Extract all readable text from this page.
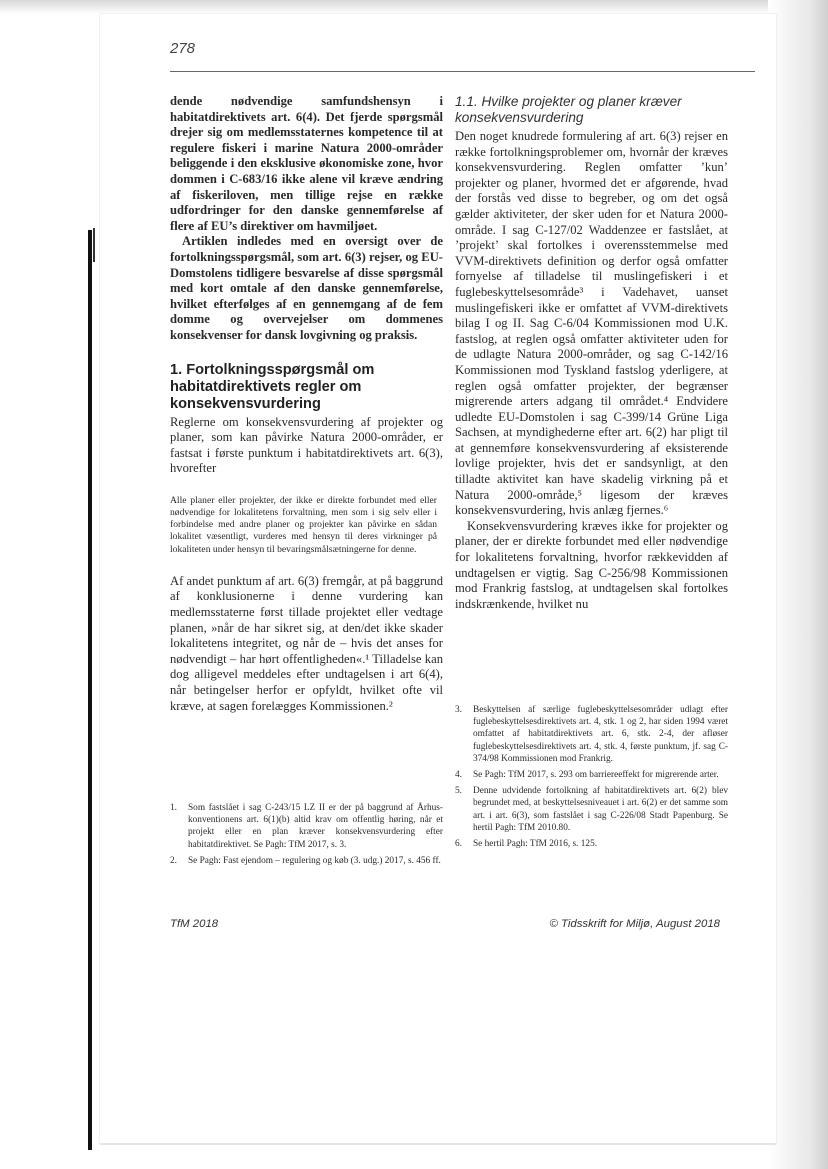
278

dende nødvendige samfundshensyn i habitatdirektivets art. 6(4). Det fjerde spørgsmål drejer sig om medlemsstaternes kompetence til at regulere fiskeri i marine Natura 2000-områder beliggende i den eksklusive økonomiske zone, hvor dommen i C-683/16 ikke alene vil kræve ændring af fiskeriloven, men tillige rejse en række udfordringer for den danske gennemførelse af flere af EU’s direktiver om havmiljøet.

Artiklen indledes med en oversigt over de fortolkningsspørgsmål, som art. 6(3) rejser, og EU-Domstolens tidligere besvarelse af disse spørgsmål med kort omtale af den danske gennemførelse, hvilket efterfølges af en gennemgang af de fem domme og overvejelser om dommenes konsekvenser for dansk lovgivning og praksis.

1. Fortolkningsspørgsmål om habitatdirektivets regler om konsekvensvurdering

Reglerne om konsekvensvurdering af projekter og planer, som kan påvirke Natura 2000-områder, er fastsat i første punktum i habitatdirektivets art. 6(3), hvorefter

Alle planer eller projekter, der ikke er direkte forbundet med eller nødvendige for lokalitetens forvaltning, men som i sig selv eller i forbindelse med andre planer og projekter kan påvirke en sådan lokalitet væsentligt, vurderes med hensyn til deres virkninger på lokaliteten under hensyn til bevaringsmålsætningerne for denne.

Af andet punktum af art. 6(3) fremgår, at på baggrund af konklusionerne i denne vurdering kan medlemsstaterne først tillade projektet eller vedtage planen, »når de har sikret sig, at den/det ikke skader lokalitetens integritet, og når de – hvis det anses for nødvendigt – har hørt offentligheden«.¹ Tilladelse kan dog alligevel meddeles efter undtagelsen i art 6(4), når betingelser herfor er opfyldt, hvilket ofte vil kræve, at sagen forelægges Kommissionen.²

1.1. Hvilke projekter og planer kræver konsekvensvurdering

Den noget knudrede formulering af art. 6(3) rejser en række fortolkningsproblemer om, hvornår der kræves konsekvensvurdering. Reglen omfatter ’kun’ projekter og planer, hvormed det er afgørende, hvad der forstås ved disse to begreber, og om det også gælder aktiviteter, der sker uden for et Natura 2000-område. I sag C-127/02 Waddenzee er fastslået, at ’projekt’ skal fortolkes i overensstemmelse med VVM-direktivets definition og derfor også omfatter fornyelse af tilladelse til muslingefiskeri i et fuglebeskyttelsesområde³ i Vadehavet, uanset muslingefiskeri ikke er omfattet af VVM-direktivets bilag I og II. Sag C-6/04 Kommissionen mod U.K. fastslog, at reglen også omfatter aktiviteter uden for de udlagte Natura 2000-områder, og sag C-142/16 Kommissionen mod Tyskland fastslog yderligere, at reglen også omfatter projekter, der begrænser migrerende arters adgang til området.⁴ Endvidere udledte EU-Domstolen i sag C-399/14 Grüne Liga Sachsen, at myndighederne efter art. 6(2) har pligt til at gennemføre konsekvensvurdering af eksisterende lovlige projekter, hvis det er sandsynligt, at den tilladte aktivitet kan have skadelig virkning på et Natura 2000-område,⁵ ligesom der kræves konsekvensvurdering, hvis anlæg fjernes.⁶

Konsekvensvurdering kræves ikke for projekter og planer, der er direkte forbundet med eller nødvendige for lokalitetens forvaltning, hvorfor rækkevidden af undtagelsen er vigtig. Sag C-256/98 Kommissionen mod Frankrig fastslog, at undtagelsen skal fortolkes indskrænkende, hvilket nu

1.	Som fastslået i sag C-243/15 LZ II er der på baggrund af Århus-konventionens art. 6(1)(b) altid krav om offentlig høring, når et projekt eller en plan kræver konsekvensvurdering efter habitatdirektivet. Se Pagh: TfM 2017, s. 3.
2.	Se Pagh: Fast ejendom – regulering og køb (3. udg.) 2017, s. 456 ff.
3.	Beskyttelsen af særlige fuglebeskyttelsesområder udlagt efter fuglebeskyttelsesdirektivets art. 4, stk. 1 og 2, har siden 1994 været omfattet af habitatdirektivets art. 6, stk. 2-4, der afløser fuglebeskyttelsesdirektivets art. 4, stk. 4, første punktum, jf. sag C-374/98 Kommissionen mod Frankrig.
4.	Se Pagh: TfM 2017, s. 293 om barriereeffekt for migrerende arter.
5.	Denne udvidende fortolkning af habitatdirektivets art. 6(2) blev begrundet med, at beskyttelsesniveauet i art. 6(2) er det samme som art. i art. 6(3), som fastslået i sag C-226/08 Stadt Papenburg. Se hertil Pagh: TfM 2010.80.
6.	Se hertil Pagh: TfM 2016, s. 125.
TfM 2018	© Tidsskrift for Miljø, August 2018
